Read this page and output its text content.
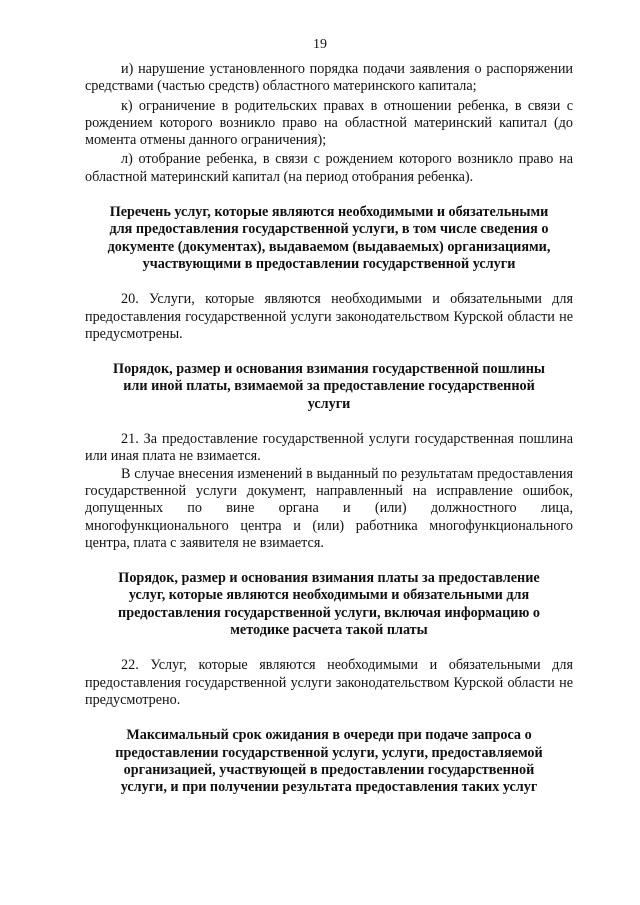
19

и) нарушение установленного порядка подачи заявления о распоряжении средствами (частью средств) областного материнского капитала;

к) ограничение в родительских правах в отношении ребенка, в связи с рождением которого возникло право на областной материнский капитал (до момента отмены данного ограничения);

л) отобрание ребенка, в связи с рождением которого возникло право на областной материнский капитал (на период отобрания ребенка).

Перечень услуг, которые являются необходимыми и обязательными для предоставления государственной услуги, в том числе сведения о документе (документах), выдаваемом (выдаваемых) организациями, участвующими в предоставлении государственной услуги

20. Услуги, которые являются необходимыми и обязательными для предоставления государственной услуги законодательством Курской области не предусмотрены.

Порядок, размер и основания взимания государственной пошлины или иной платы, взимаемой за предоставление государственной услуги

21. За предоставление государственной услуги государственная пошлина или иная плата не взимается.

В случае внесения изменений в выданный по результатам предоставления государственной услуги документ, направленный на исправление ошибок, допущенных по вине органа и (или) должностного лица, многофункционального центра и (или) работника многофункционального центра, плата с заявителя не взимается.

Порядок, размер и основания взимания платы за предоставление услуг, которые являются необходимыми и обязательными для предоставления государственной услуги, включая информацию о методике расчета такой платы

22. Услуг, которые являются необходимыми и обязательными для предоставления государственной услуги законодательством Курской области не предусмотрено.

Максимальный срок ожидания в очереди при подаче запроса о предоставлении государственной услуги, услуги, предоставляемой организацией, участвующей в предоставлении государственной услуги, и при получении результата предоставления таких услуг
